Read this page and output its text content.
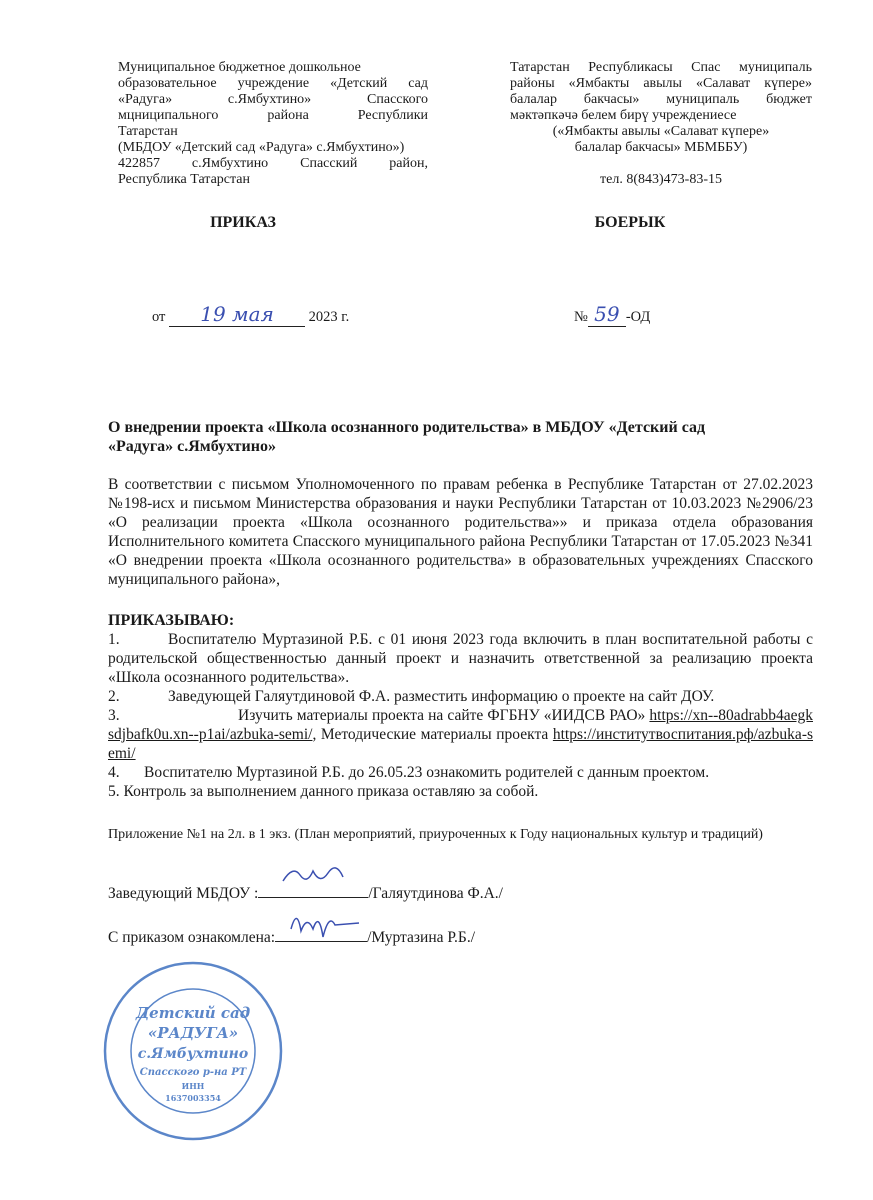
Муниципальное бюджетное дошкольное
образовательное учреждение «Детский сад
«Радуга» с.Ямбухтино» Спасского
мцниципального района Республики
Татарстан
(МБДОУ «Детский сад «Радуга» с.Ямбухтино»)
422857 с.Ямбухтино Спасский район,
Республика Татарстан
ПРИКАЗ
Татарстан Республикасы Спас муниципаль
районы «Ямбакты авылы «Салават күпере»
балалар бакчасы» муниципаль бюджет
мәктәпкәчә белем бирү учреждениесе
(«Ямбакты авылы «Салават күпере»
балалар бакчасы» МБМББУ)
тел. 8(843)473-83-15
БОЕРЫК
от 19 мая 2023 г.	№ 59 -ОД
О внедрении проекта «Школа осознанного родительства» в МБДОУ «Детский сад «Радуга» с.Ямбухтино»
В соответствии с письмом Уполномоченного по правам ребенка в Республике Татарстан от 27.02.2023 №198-исх и письмом Министерства образования и науки Республики Татарстан от 10.03.2023 №2906/23 «О реализации проекта «Школа осознанного родительства»» и приказа отдела образования Исполнительного комитета Спасского муниципального района Республики Татарстан от 17.05.2023 №341 «О внедрении проекта «Школа осознанного родительства» в образовательных учреждениях Спасского муниципального района»,
ПРИКАЗЫВАЮ:
1.	Воспитателю Муртазиной Р.Б. с 01 июня 2023 года включить в план воспитательной работы с родительской общественностью данный проект и назначить ответственной за реализацию проекта «Школа осознанного родительства».
2.	Заведующей Галяутдиновой Ф.А. разместить информацию о проекте на сайт ДОУ.
3.	Изучить материалы проекта на сайте ФГБНУ «ИИДСВ РАО» https://xn--80adrabb4aegksdjbafk0u.xn--p1ai/azbuka-semi/, Методические материалы проекта https://институтвоспитания.рф/azbuka-semi/
4. Воспитателю Муртазиной Р.Б. до 26.05.23 ознакомить родителей с данным проектом.
5. Контроль за выполнением данного приказа оставляю за собой.
Приложение №1 на 2л. в 1 экз. (План мероприятий, приуроченных к Году национальных культур и традиций)
Заведующий МБДОУ :	/Галяутдинова Ф.А./
С приказом ознакомлена:	/Муртазина Р.Б./
Детский сад
«РАДУГА»
с.Ямбухтино
Спасского р-на РТ
ИНН
1637003354
